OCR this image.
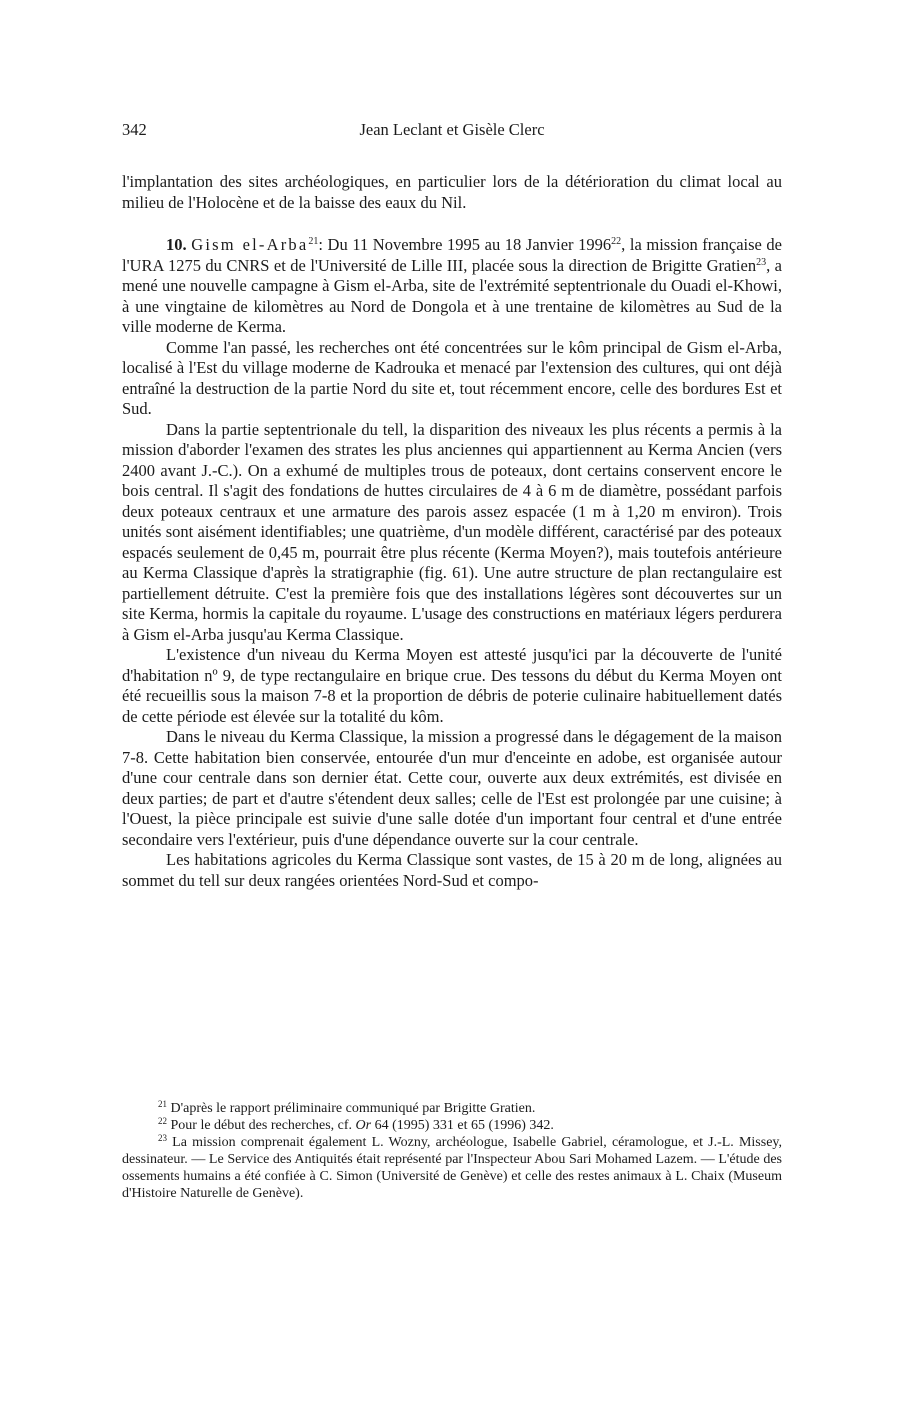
342	Jean Leclant et Gisèle Clerc

l'implantation des sites archéologiques, en particulier lors de la détérioration du climat local au milieu de l'Holocène et de la baisse des eaux du Nil.

10. Gism el-Arba$^{21}$: Du 11 Novembre 1995 au 18 Janvier 1996$^{22}$, la mission française de l'URA 1275 du CNRS et de l'Université de Lille III, placée sous la direction de Brigitte Gratien$^{23}$, a mené une nouvelle campagne à Gism el-Arba, site de l'extrémité septentrionale du Ouadi el-Khowi, à une vingtaine de kilomètres au Nord de Dongola et à une trentaine de kilomètres au Sud de la ville moderne de Kerma.

Comme l'an passé, les recherches ont été concentrées sur le kôm principal de Gism el-Arba, localisé à l'Est du village moderne de Kadrouka et menacé par l'extension des cultures, qui ont déjà entraîné la destruction de la partie Nord du site et, tout récemment encore, celle des bordures Est et Sud.

Dans la partie septentrionale du tell, la disparition des niveaux les plus récents a permis à la mission d'aborder l'examen des strates les plus anciennes qui appartiennent au Kerma Ancien (vers 2400 avant J.-C.). On a exhumé de multiples trous de poteaux, dont certains conservent encore le bois central. Il s'agit des fondations de huttes circulaires de 4 à 6 m de diamètre, possédant parfois deux poteaux centraux et une armature des parois assez espacée (1 m à 1,20 m environ). Trois unités sont aisément identifiables; une quatrième, d'un modèle différent, caractérisé par des poteaux espacés seulement de 0,45 m, pourrait être plus récente (Kerma Moyen?), mais toutefois antérieure au Kerma Classique d'après la stratigraphie (fig. 61). Une autre structure de plan rectangulaire est partiellement détruite. C'est la première fois que des installations légères sont découvertes sur un site Kerma, hormis la capitale du royaume. L'usage des constructions en matériaux légers perdurera à Gism el-Arba jusqu'au Kerma Classique.

L'existence d'un niveau du Kerma Moyen est attesté jusqu'ici par la découverte de l'unité d'habitation nº 9, de type rectangulaire en brique crue. Des tessons du début du Kerma Moyen ont été recueillis sous la maison 7-8 et la proportion de débris de poterie culinaire habituellement datés de cette période est élevée sur la totalité du kôm.

Dans le niveau du Kerma Classique, la mission a progressé dans le dégagement de la maison 7-8. Cette habitation bien conservée, entourée d'un mur d'enceinte en adobe, est organisée autour d'une cour centrale dans son dernier état. Cette cour, ouverte aux deux extrémités, est divisée en deux parties; de part et d'autre s'étendent deux salles; celle de l'Est est prolongée par une cuisine; à l'Ouest, la pièce principale est suivie d'une salle dotée d'un important four central et d'une entrée secondaire vers l'extérieur, puis d'une dépendance ouverte sur la cour centrale.

Les habitations agricoles du Kerma Classique sont vastes, de 15 à 20 m de long, alignées au sommet du tell sur deux rangées orientées Nord-Sud et compo-

$^{21}$ D'après le rapport préliminaire communiqué par Brigitte Gratien.

$^{22}$ Pour le début des recherches, cf. Or 64 (1995) 331 et 65 (1996) 342.

$^{23}$ La mission comprenait également L. Wozny, archéologue, Isabelle Gabriel, céramologue, et J.-L. Missey, dessinateur. — Le Service des Antiquités était représenté par l'Inspecteur Abou Sari Mohamed Lazem. — L'étude des ossements humains a été confiée à C. Simon (Université de Genève) et celle des restes animaux à L. Chaix (Museum d'Histoire Naturelle de Genève).
